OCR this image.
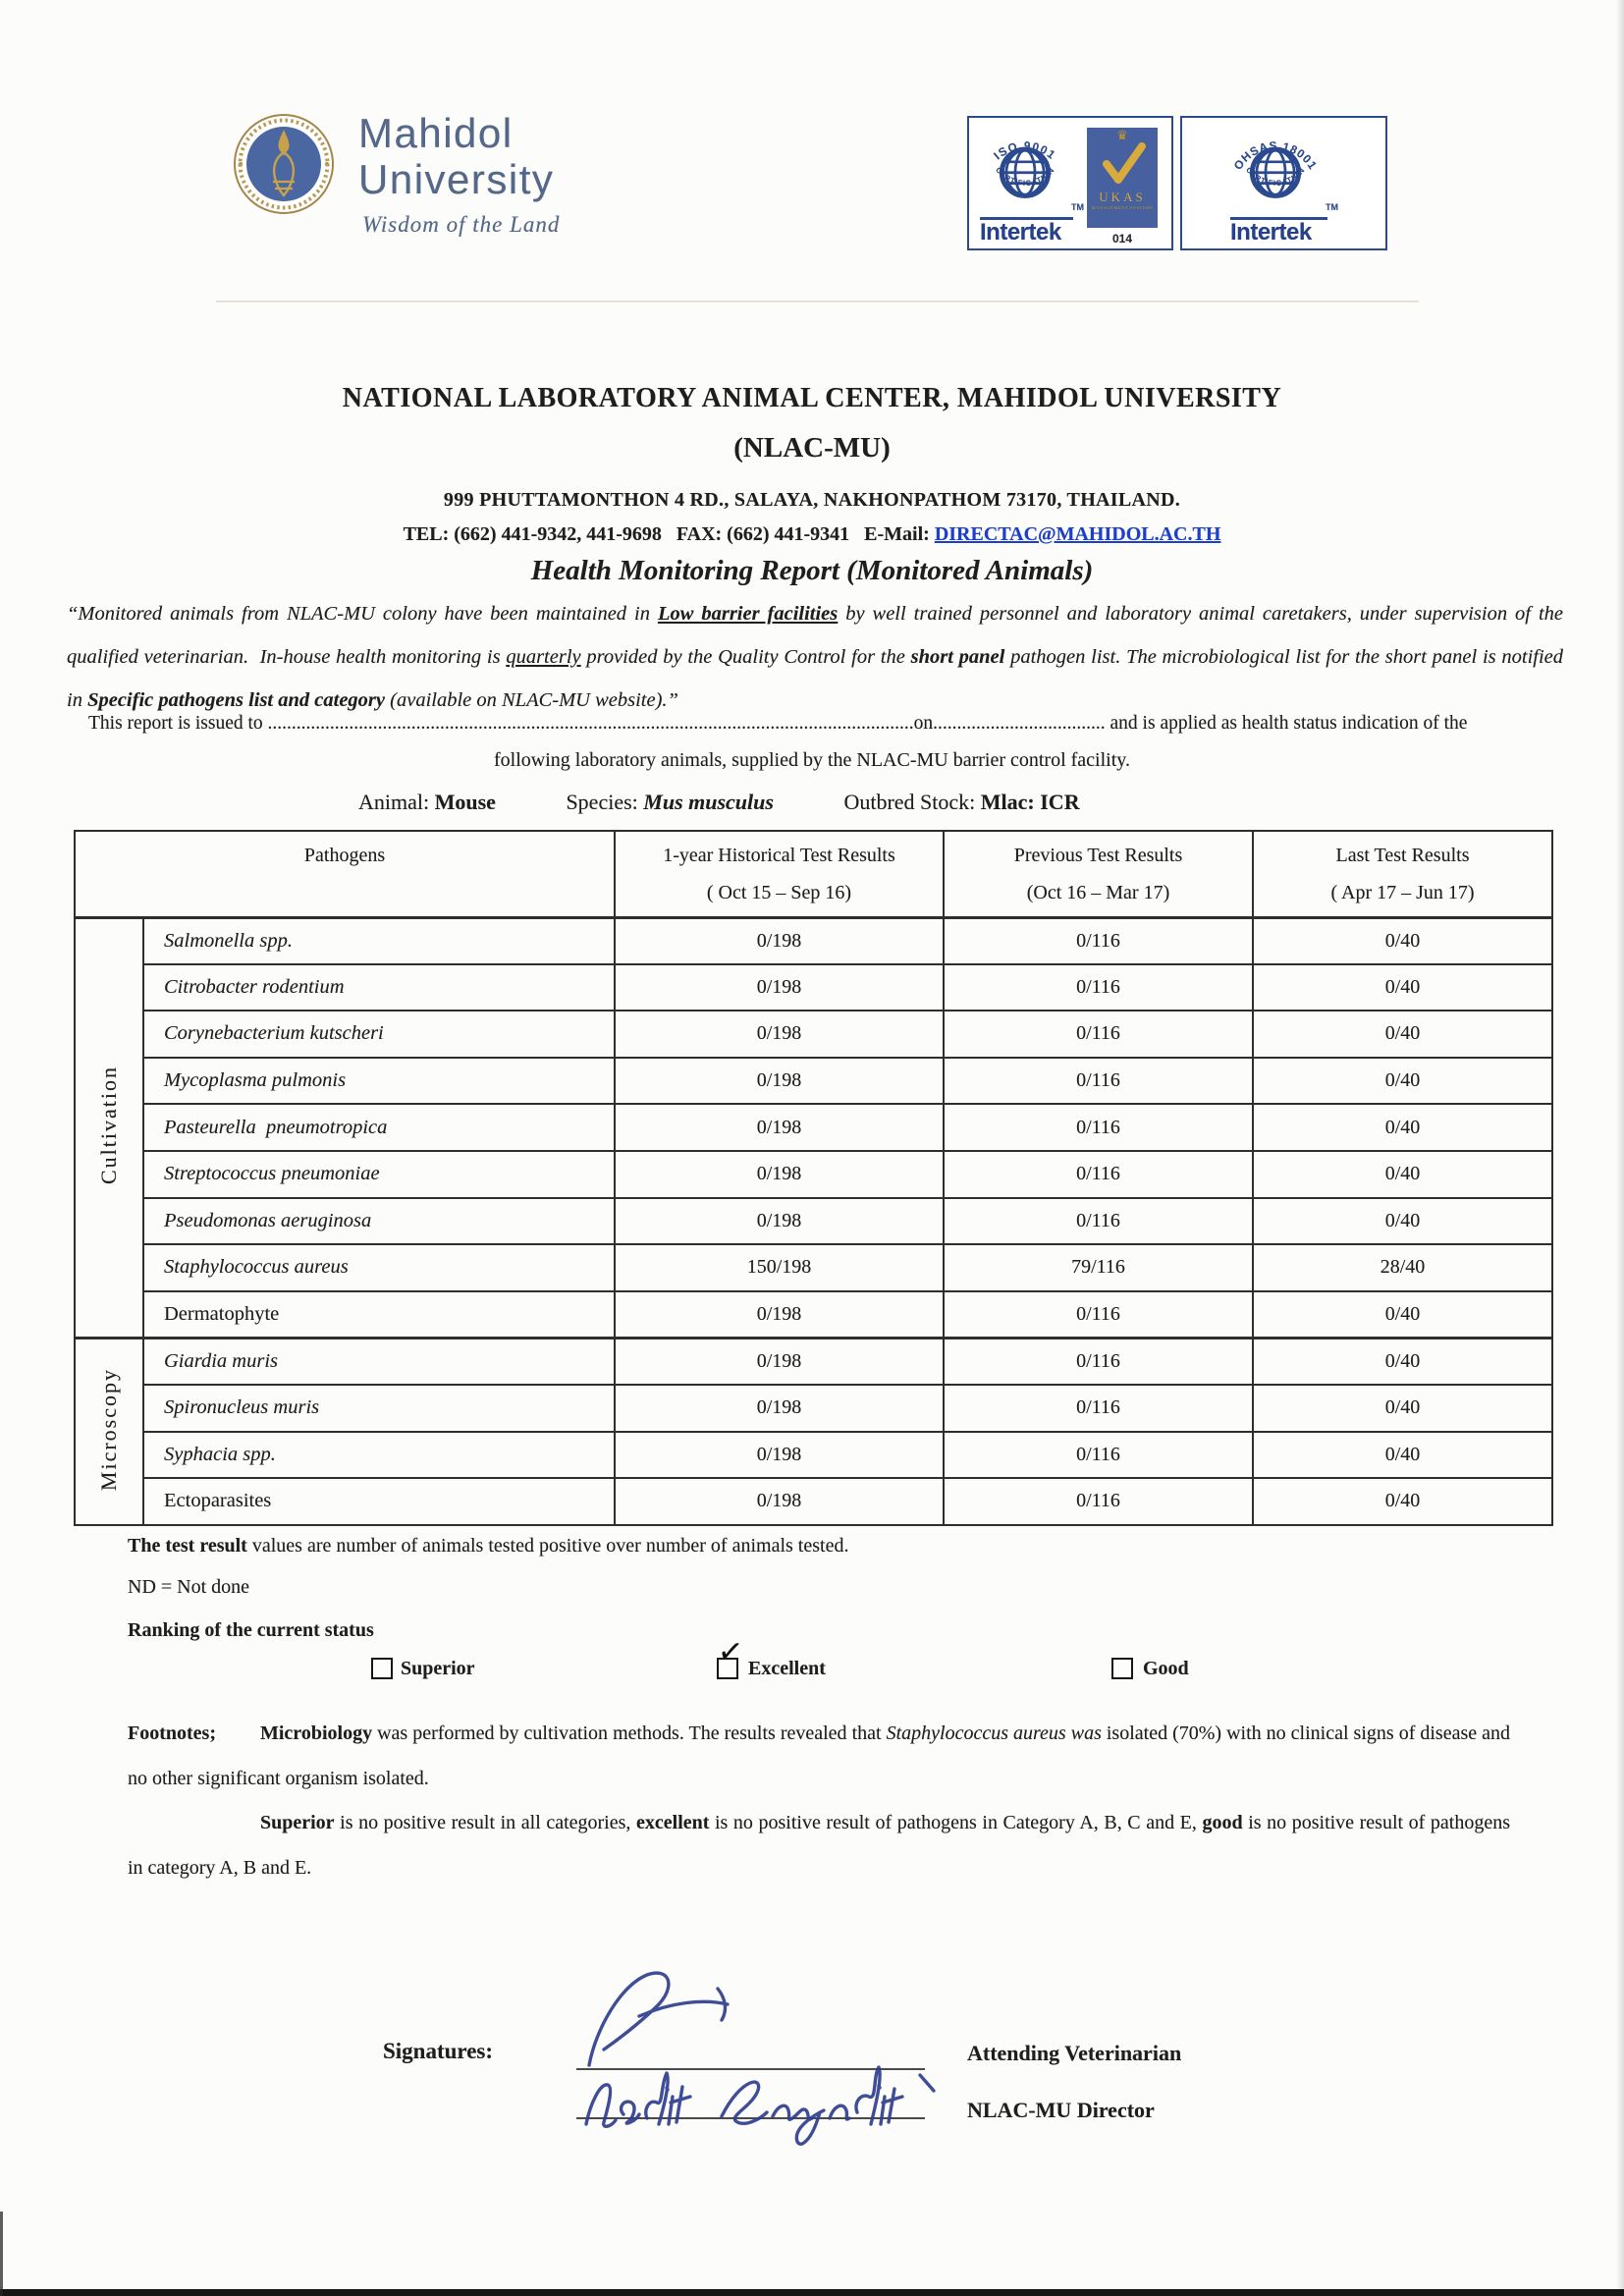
Mahidol
University
Wisdom of the Land
ISO 9001
CERTIFICATION
TM
Intertek
♛
UKAS
MANAGEMENT SYSTEMS
014
OHSAS 18001
CERTIFICATION
TM
Intertek
NATIONAL LABORATORY ANIMAL CENTER, MAHIDOL UNIVERSITY
(NLAC-MU)
999 PHUTTAMONTHON 4 RD., SALAYA, NAKHONPATHOM 73170, THAILAND.
TEL: (662) 441-9342, 441-9698   FAX: (662) 441-9341   E-Mail: DIRECTAC@MAHIDOL.AC.TH
Health Monitoring Report (Monitored Animals)

“Monitored animals from NLAC-MU colony have been maintained in Low barrier facilities by well trained personnel and laboratory animal caretakers, under supervision of the qualified veterinarian.  In-house health monitoring is quarterly provided by the Quality Control for the short panel pathogen list. The microbiological list for the short panel is notified in Specific pathogens list and category (available on NLAC-MU website).”

This report is issued to .......................................................................................................................................on.................................... and is applied as health status indication of the
following laboratory animals, supplied by the NLAC-MU barrier control facility.
Animal: Mouse	Species: Mus musculus	Outbred Stock: Mlac: ICR
Pathogens	1-year Historical Test Results
( Oct 15 – Sep 16)

Previous Test Results
(Oct 16 – Mar 17)

Last Test Results
( Apr 17 – Jun 17)

Cultivation	Salmonella spp.	0/198	0/116	0/40
	Citrobacter rodentium	0/198	0/116	0/40
	Corynebacterium kutscheri	0/198	0/116	0/40
	Mycoplasma pulmonis	0/198	0/116	0/40
	Pasteurella  pneumotropica	0/198	0/116	0/40
	Streptococcus pneumoniae	0/198	0/116	0/40
	Pseudomonas aeruginosa	0/198	0/116	0/40
	Staphylococcus aureus	150/198	79/116	28/40
	Dermatophyte	0/198	0/116	0/40
Microscopy	Giardia muris	0/198	0/116	0/40
	Spironucleus muris	0/198	0/116	0/40
	Syphacia spp.	0/198	0/116	0/40
	Ectoparasites	0/198	0/116	0/40
The test result values are number of animals tested positive over number of animals tested.
ND = Not done
Ranking of the current status
Superior	✓ Excellent	Good
Footnotes; Microbiology was performed by cultivation methods. The results revealed that Staphylococcus aureus was isolated (70%) with no clinical signs of disease and no other significant organism isolated.
Superior is no positive result in all categories, excellent is no positive result of pathogens in Category A, B, C and E, good is no positive result of pathogens in category A, B and E.
Signatures:	Attending Veterinarian
NLAC-MU Director
